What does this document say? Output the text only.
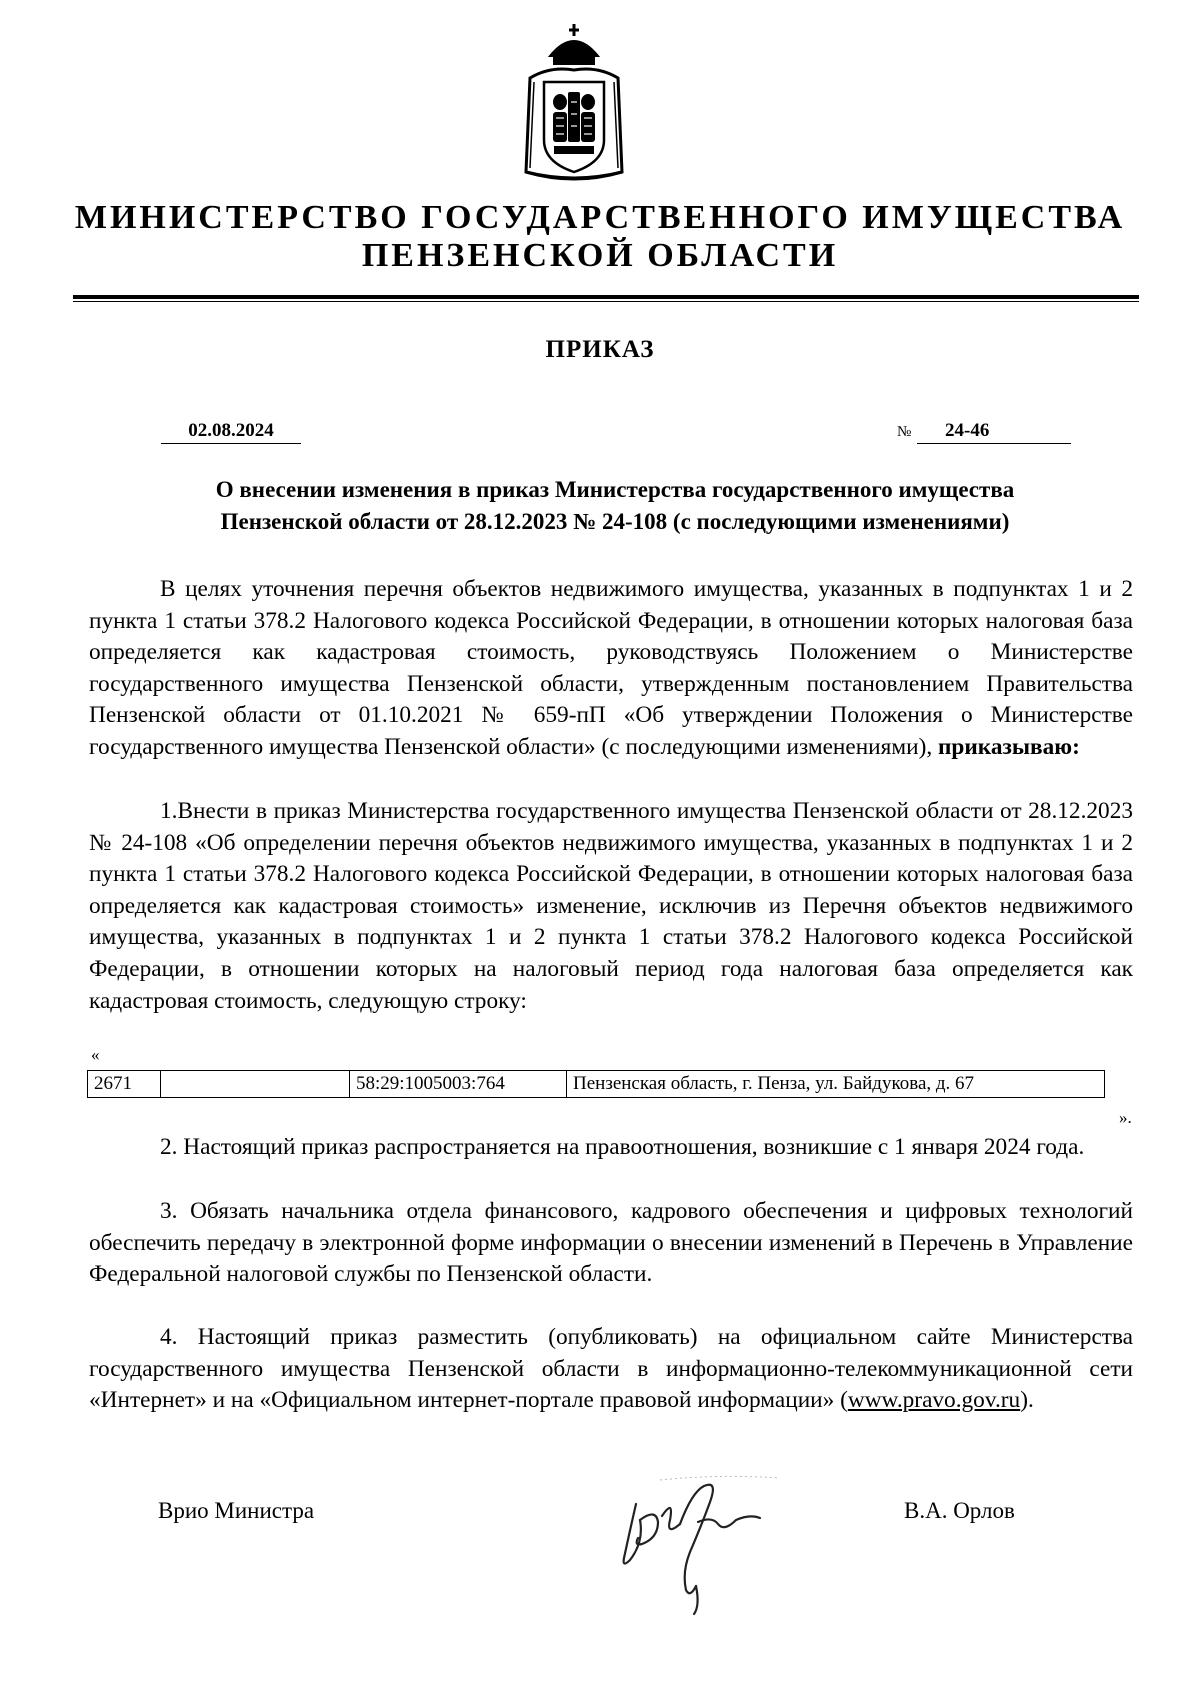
МИНИСТЕРСТВО ГОСУДАРСТВЕННОГО ИМУЩЕСТВА
ПЕНЗЕНСКОЙ ОБЛАСТИ
ПРИКАЗ
02.08.2024	№	24-46
О внесении изменения в приказ Министерства государственного имущества
Пензенской области от 28.12.2023 № 24-108 (с последующими изменениями)

В целях уточнения перечня объектов недвижимого имущества, указанных в подпунктах 1 и 2 пункта 1 статьи 378.2 Налогового кодекса Российской Федерации, в отношении которых налоговая база определяется как кадастровая стоимость, руководствуясь Положением о Министерстве государственного имущества Пензенской области, утвержденным постановлением Правительства Пензенской области от 01.10.2021 № 659-пП «Об утверждении Положения о Министерстве государственного имущества Пензенской области» (с последующими изменениями), приказываю:

1.Внести в приказ Министерства государственного имущества Пензенской области от 28.12.2023 № 24-108 «Об определении перечня объектов недвижимого имущества, указанных в подпунктах 1 и 2 пункта 1 статьи 378.2 Налогового кодекса Российской Федерации, в отношении которых налоговая база определяется как кадастровая стоимость» изменение, исключив из Перечня объектов недвижимого имущества, указанных в подпунктах 1 и 2 пункта 1 статьи 378.2 Налогового кодекса Российской Федерации, в отношении которых на налоговый период года налоговая база определяется как кадастровая стоимость, следующую строку:

«
2671		58:29:1005003:764	Пензенская область, г. Пенза, ул. Байдукова, д. 67
».

2. Настоящий приказ распространяется на правоотношения, возникшие с 1 января 2024 года.

3. Обязать начальника отдела финансового, кадрового обеспечения и цифровых технологий обеспечить передачу в электронной форме информации о внесении изменений в Перечень в Управление Федеральной налоговой службы по Пензенской области.

4. Настоящий приказ разместить (опубликовать) на официальном сайте Министерства государственного имущества Пензенской области в информационно-телекоммуникационной сети «Интернет» и на «Официальном интернет-портале правовой информации» (www.pravo.gov.ru).

Врио Министра	В.А. Орлов
